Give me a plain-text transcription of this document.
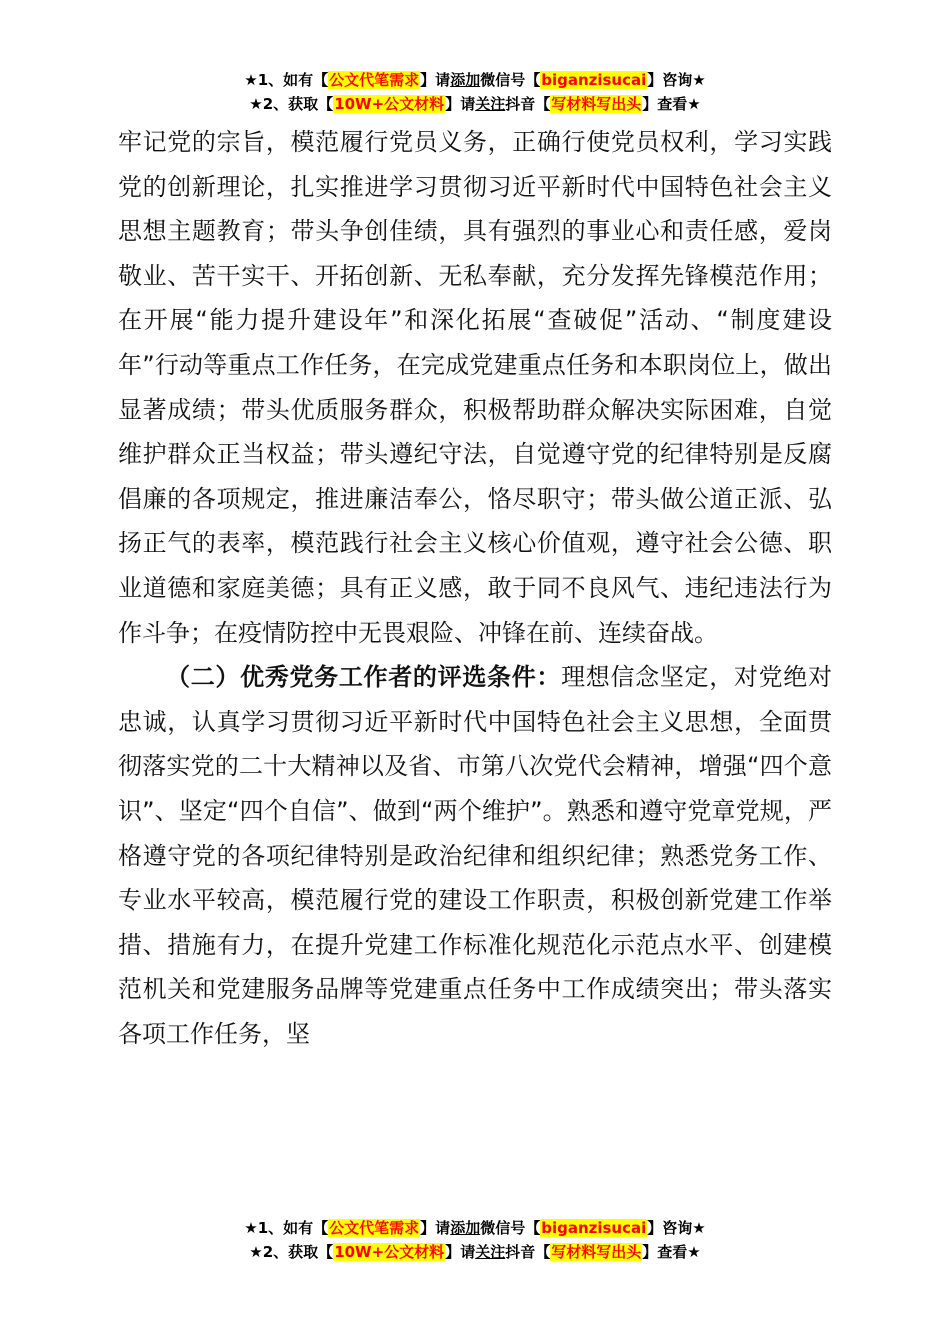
★1、如有【公文代笔需求】请添加微信号【biganzisucai】咨询★
★2、获取【10W+公文材料】请关注抖音【写材料写出头】查看★

牢记党的宗旨，模范履行党员义务，正确行使党员权利，学习实践党的创新理论，扎实推进学习贯彻习近平新时代中国特色社会主义思想主题教育；带头争创佳绩，具有强烈的事业心和责任感，爱岗敬业、苦干实干、开拓创新、无私奉献，充分发挥先锋模范作用；在开展“能力提升建设年”和深化拓展“查破促”活动、“制度建设年”行动等重点工作任务，在完成党建重点任务和本职岗位上，做出显著成绩；带头优质服务群众，积极帮助群众解决实际困难，自觉维护群众正当权益；带头遵纪守法，自觉遵守党的纪律特别是反腐倡廉的各项规定，推进廉洁奉公，恪尽职守；带头做公道正派、弘扬正气的表率，模范践行社会主义核心价值观，遵守社会公德、职业道德和家庭美德；具有正义感，敢于同不良风气、违纪违法行为作斗争；在疫情防控中无畏艰险、冲锋在前、连续奋战。

（二）优秀党务工作者的评选条件：理想信念坚定，对党绝对忠诚，认真学习贯彻习近平新时代中国特色社会主义思想，全面贯彻落实党的二十大精神以及省、市第八次党代会精神，增强“四个意识”、坚定“四个自信”、做到“两个维护”。熟悉和遵守党章党规，严格遵守党的各项纪律特别是政治纪律和组织纪律；熟悉党务工作、专业水平较高，模范履行党的建设工作职责，积极创新党建工作举措、措施有力，在提升党建工作标准化规范化示范点水平、创建模范机关和党建服务品牌等党建重点任务中工作成绩突出；带头落实各项工作任务，坚

★1、如有【公文代笔需求】请添加微信号【biganzisucai】咨询★
★2、获取【10W+公文材料】请关注抖音【写材料写出头】查看★
